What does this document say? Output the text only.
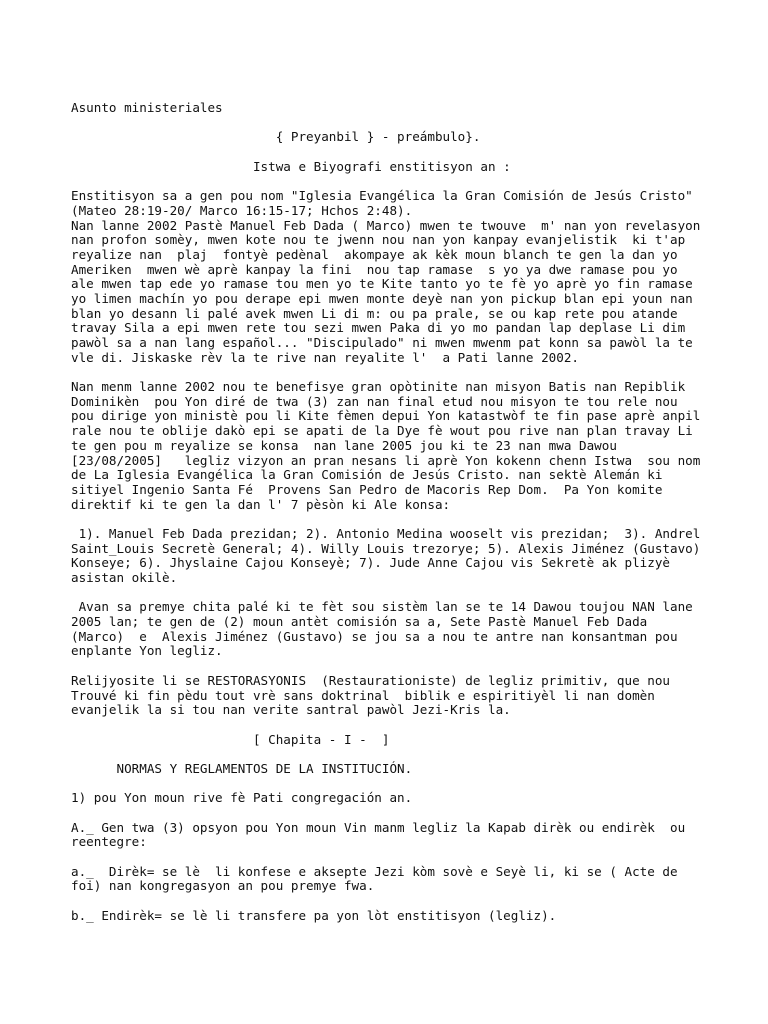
Asunto ministeriales
{ Preyanbil } - preámbulo}.
Istwa e Biyografi enstitisyon an :
Enstitisyon sa a gen pou nom "Iglesia Evangélica la Gran Comisión de Jesús Cristo"
(Mateo 28:19-20/ Marco 16:15-17; Hchos 2:48).
Nan lanne 2002 Pastè Manuel Feb Dada ( Marco) mwen te twouve  m' nan yon revelasyon
nan profon somèy, mwen kote nou te jwenn nou nan yon kanpay evanjelistik  ki t'ap
reyalize nan  plaj  fontyè pedènal  akompaye ak kèk moun blanch te gen la dan yo
Ameriken  mwen wè aprè kanpay la fini  nou tap ramase  s yo ya dwe ramase pou yo
ale mwen tap ede yo ramase tou men yo te Kite tanto yo te fè yo aprè yo fin ramase
yo limen machín yo pou derape epi mwen monte deyè nan yon pickup blan epi youn nan
blan yo desann li palé avek mwen Li di m: ou pa prale, se ou kap rete pou atande
travay Sila a epi mwen rete tou sezi mwen Paka di yo mo pandan lap deplase Li dim
pawòl sa a nan lang español... "Discipulado" ni mwen mwenm pat konn sa pawòl la te
vle di. Jiskaske rèv la te rive nan reyalite l'  a Pati lanne 2002.
Nan menm lanne 2002 nou te benefisye gran opòtinite nan misyon Batis nan Repiblik
Dominikèn  pou Yon diré de twa (3) zan nan final etud nou misyon te tou rele nou
pou dirige yon ministè pou li Kite fèmen depui Yon katastwòf te fin pase aprè anpil
rale nou te oblije dakò epi se apati de la Dye fè wout pou rive nan plan travay Li
te gen pou m reyalize se konsa  nan lane 2005 jou ki te 23 nan mwa Dawou
[23/08/2005]   legliz vizyon an pran nesans li aprè Yon kokenn chenn Istwa  sou nom
de La Iglesia Evangélica la Gran Comisión de Jesús Cristo. nan sektè Alemán ki
sitiyel Ingenio Santa Fé  Provens San Pedro de Macoris Rep Dom.  Pa Yon komite
direktif ki te gen la dan l' 7 pèsòn ki Ale konsa:
1). Manuel Feb Dada prezidan; 2). Antonio Medina wooselt vis prezidan;  3). Andrel
Saint_Louis Secretè General; 4). Willy Louis trezorye; 5). Alexis Jiménez (Gustavo)
Konseye; 6). Jhyslaine Cajou Konseyè; 7). Jude Anne Cajou vis Sekretè ak plizyè
asistan okilè.
Avan sa premye chita palé ki te fèt sou sistèm lan se te 14 Dawou toujou NAN lane
2005 lan; te gen de (2) moun antèt comisión sa a, Sete Pastè Manuel Feb Dada
(Marco)  e  Alexis Jiménez (Gustavo) se jou sa a nou te antre nan konsantman pou
enplante Yon legliz.
Relijyosite li se RESTORASYONIS  (Restaurationiste) de legliz primitiv, que nou
Trouvé ki fin pèdu tout vrè sans doktrinal  biblik e espiritiyèl li nan domèn
evanjelik la si tou nan verite santral pawòl Jezi-Kris la.
[ Chapita - I -  ]
NORMAS Y REGLAMENTOS DE LA INSTITUCIÓN.
1) pou Yon moun rive fè Pati congregación an.
A._ Gen twa (3) opsyon pou Yon moun Vin manm legliz la Kapab dirèk ou endirèk  ou
reentegre:
a._  Dirèk= se lè  li konfese e aksepte Jezi kòm sovè e Seyè li, ki se ( Acte de
foi) nan kongregasyon an pou premye fwa.
b._ Endirèk= se lè li transfere pa yon lòt enstitisyon (legliz).
